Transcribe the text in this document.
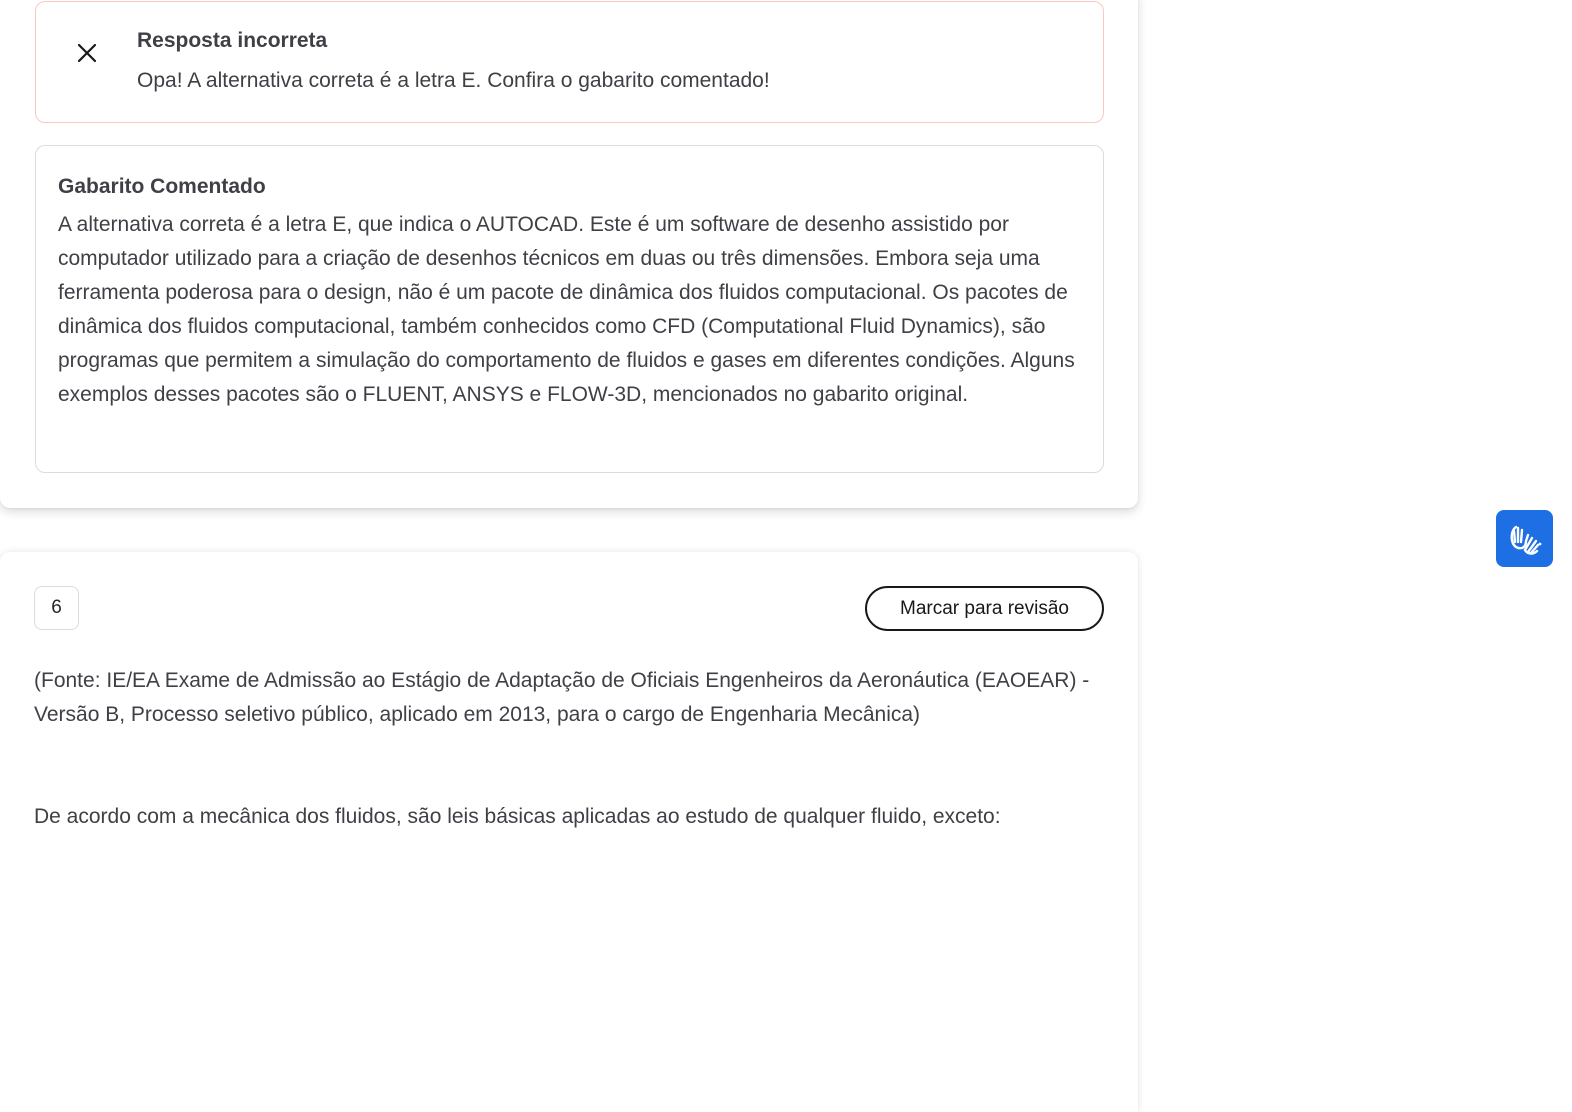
Resposta incorreta
Opa! A alternativa correta é a letra E. Confira o gabarito comentado!

Gabarito Comentado

A alternativa correta é a letra E, que indica o AUTOCAD. Este é um software de desenho assistido por computador utilizado para a criação de desenhos técnicos em duas ou três dimensões. Embora seja uma ferramenta poderosa para o design, não é um pacote de dinâmica dos fluidos computacional. Os pacotes de dinâmica dos fluidos computacional, também conhecidos como CFD (Computational Fluid Dynamics), são programas que permitem a simulação do comportamento de fluidos e gases em diferentes condições. Alguns exemplos desses pacotes são o FLUENT, ANSYS e FLOW-3D, mencionados no gabarito original.

6	Marcar para revisão

(Fonte: IE/EA Exame de Admissão ao Estágio de Adaptação de Oficiais Engenheiros da Aeronáutica (EAOEAR) - Versão B, Processo seletivo público, aplicado em 2013, para o cargo de Engenharia Mecânica)

De acordo com a mecânica dos fluidos, são leis básicas aplicadas ao estudo de qualquer fluido, exceto:
